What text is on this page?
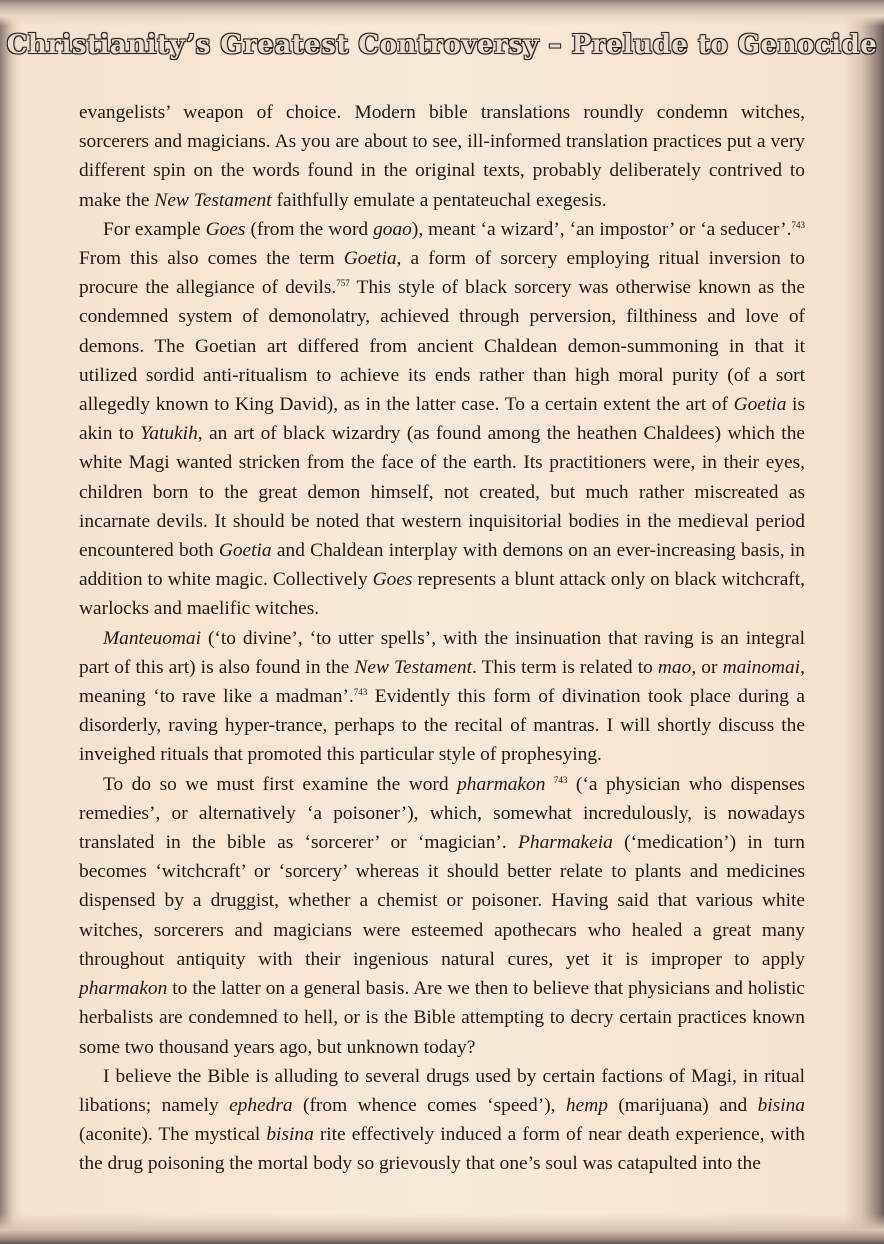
Christianity’s Greatest Controversy – Prelude to Genocide

evangelists’ weapon of choice. Modern bible translations roundly condemn witches, sorcerers and magicians. As you are about to see, ill-informed translation practices put a very different spin on the words found in the original texts, probably deliberately contrived to make the New Testament faithfully emulate a pentateuchal exegesis.

For example Goes (from the word goao), meant ‘a wizard’, ‘an impostor’ or ‘a seducer’.$^{743}$ From this also comes the term Goetia, a form of sorcery employing ritual inversion to procure the allegiance of devils.$^{757}$ This style of black sorcery was otherwise known as the condemned system of demonolatry, achieved through perversion, filthiness and love of demons. The Goetian art differed from ancient Chaldean demon-summoning in that it utilized sordid anti-ritualism to achieve its ends rather than high moral purity (of a sort allegedly known to King David), as in the latter case. To a certain extent the art of Goetia is akin to Yatukih, an art of black wizardry (as found among the heathen Chaldees) which the white Magi wanted stricken from the face of the earth. Its practitioners were, in their eyes, children born to the great demon himself, not created, but much rather miscreated as incarnate devils. It should be noted that western inquisitorial bodies in the medieval period encountered both Goetia and Chaldean interplay with demons on an ever-increasing basis, in addition to white magic. Collectively Goes represents a blunt attack only on black witchcraft, warlocks and maelific witches.

Manteuomai (‘to divine’, ‘to utter spells’, with the insinuation that raving is an integral part of this art) is also found in the New Testament. This term is related to mao, or mainomai, meaning ‘to rave like a madman’.$^{743}$ Evidently this form of divination took place during a disorderly, raving hyper-trance, perhaps to the recital of mantras. I will shortly discuss the inveighed rituals that promoted this particular style of prophesying.

To do so we must first examine the word pharmakon $^{743}$ (‘a physician who dispenses remedies’, or alternatively ‘a poisoner’), which, somewhat incredulously, is nowadays translated in the bible as ‘sorcerer’ or ‘magician’. Pharmakeia (‘medication’) in turn becomes ‘witchcraft’ or ‘sorcery’ whereas it should better relate to plants and medicines dispensed by a druggist, whether a chemist or poisoner. Having said that various white witches, sorcerers and magicians were esteemed apothecars who healed a great many throughout antiquity with their ingenious natural cures, yet it is improper to apply pharmakon to the latter on a general basis. Are we then to believe that physicians and holistic herbalists are condemned to hell, or is the Bible attempting to decry certain practices known some two thousand years ago, but unknown today?

I believe the Bible is alluding to several drugs used by certain factions of Magi, in ritual libations; namely ephedra (from whence comes ‘speed’), hemp (marijuana) and bisina (aconite). The mystical bisina rite effectively induced a form of near death experience, with the drug poisoning the mortal body so grievously that one’s soul was catapulted into the
